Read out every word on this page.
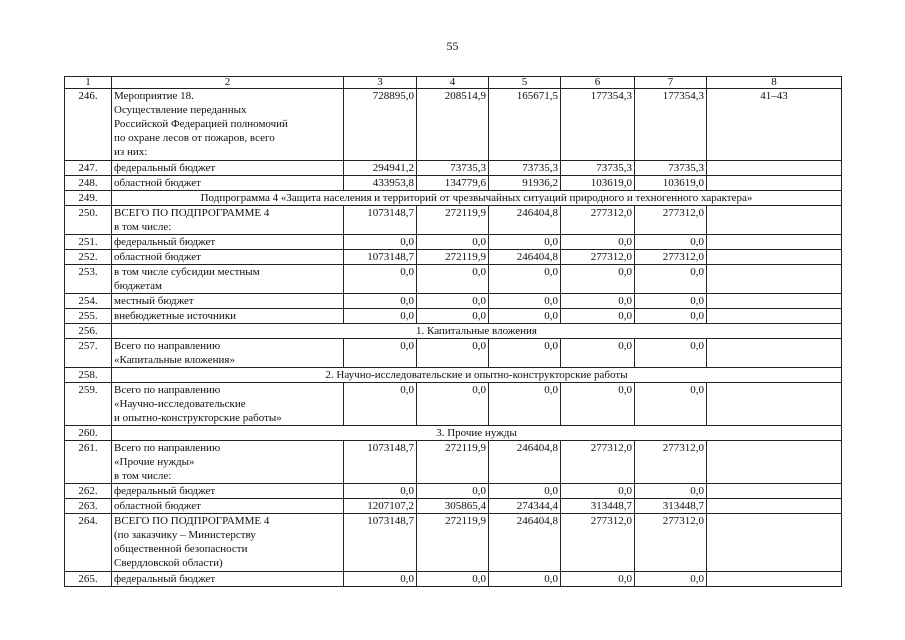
55
1	2	3	4	5	6	7	8
246.	Мероприятие 18.
Осуществление переданных
Российской Федерацией полномочий
по охране лесов от пожаров, всего
из них:	728895,0	208514,9	165671,5	177354,3	177354,3	41–43
247.	федеральный бюджет	294941,2	73735,3	73735,3	73735,3	73735,3	
248.	областной бюджет	433953,8	134779,6	91936,2	103619,0	103619,0	
249.	Подпрограмма 4 «Защита населения и территорий от чрезвычайных ситуаций природного и техногенного характера»						
250.	ВСЕГО ПО ПОДПРОГРАММЕ 4
в том числе:	1073148,7	272119,9	246404,8	277312,0	277312,0	
251.	федеральный бюджет	0,0	0,0	0,0	0,0	0,0	
252.	областной бюджет	1073148,7	272119,9	246404,8	277312,0	277312,0	
253.	в том числе субсидии местным
бюджетам	0,0	0,0	0,0	0,0	0,0	
254.	местный бюджет	0,0	0,0	0,0	0,0	0,0	
255.	внебюджетные источники	0,0	0,0	0,0	0,0	0,0	
256.	1. Капитальные вложения						
257.	Всего по направлению
«Капитальные вложения»	0,0	0,0	0,0	0,0	0,0	
258.	2. Научно-исследовательские и опытно-конструкторские работы						
259.	Всего по направлению
«Научно-исследовательские
и опытно-конструкторские работы»	0,0	0,0	0,0	0,0	0,0	
260.	3. Прочие нужды						
261.	Всего по направлению
«Прочие нужды»
в том числе:	1073148,7	272119,9	246404,8	277312,0	277312,0	
262.	федеральный бюджет	0,0	0,0	0,0	0,0	0,0	
263.	областной бюджет	1207107,2	305865,4	274344,4	313448,7	313448,7	
264.	ВСЕГО ПО ПОДПРОГРАММЕ 4
(по заказчику – Министерству
общественной безопасности
Свердловской области)	1073148,7	272119,9	246404,8	277312,0	277312,0	
265.	федеральный бюджет	0,0	0,0	0,0	0,0	0,0	
